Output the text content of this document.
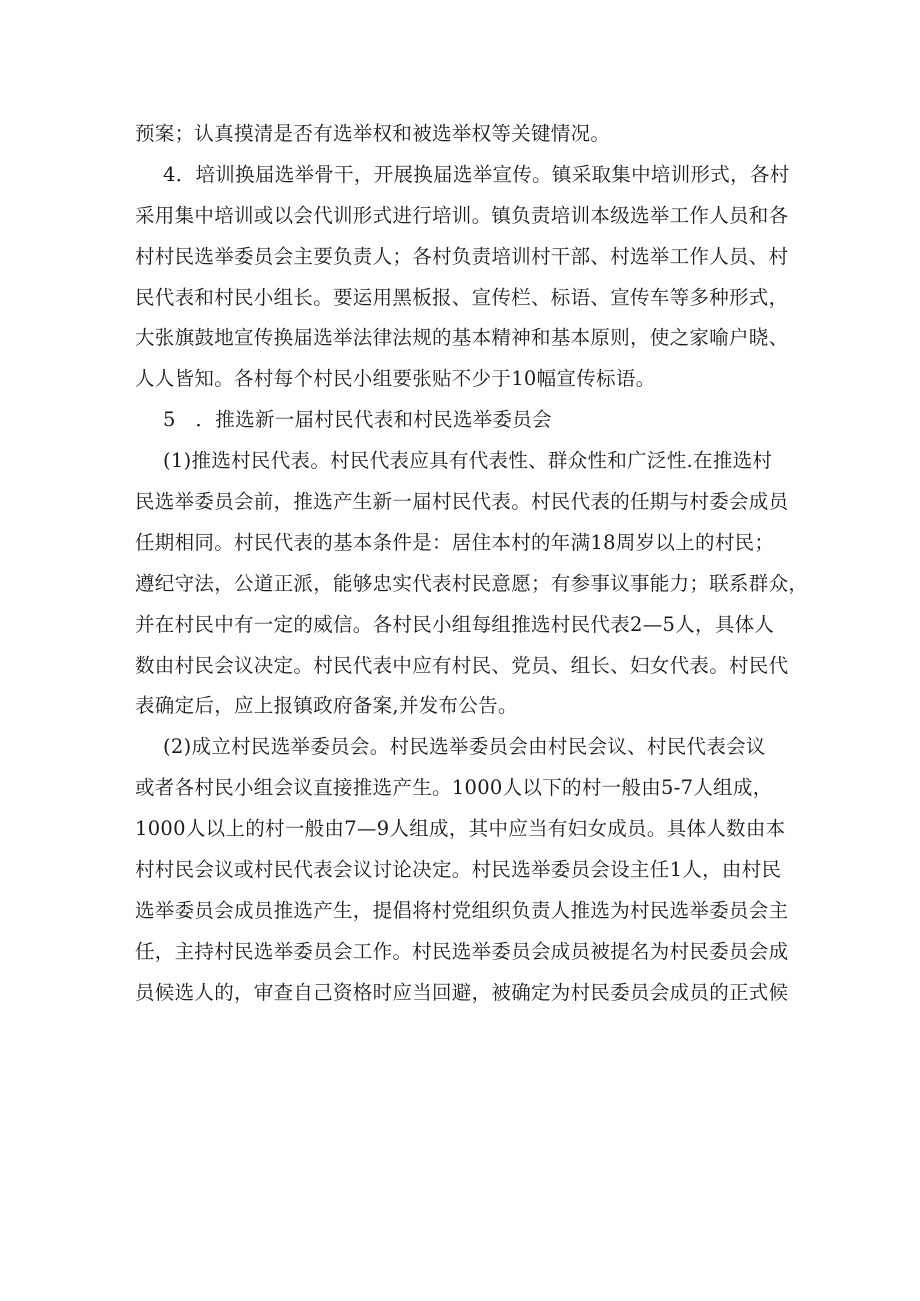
预案；认真摸清是否有选举权和被选举权等关键情况。
4．培训换届选举骨干，开展换届选举宣传。镇采取集中培训形式，各村
采用集中培训或以会代训形式进行培训。镇负责培训本级选举工作人员和各
村村民选举委员会主要负责人；各村负责培训村干部、村选举工作人员、村
民代表和村民小组长。要运用黑板报、宣传栏、标语、宣传车等多种形式，
大张旗鼓地宣传换届选举法律法规的基本精神和基本原则，使之家喻户晓、
人人皆知。各村每个村民小组要张贴不少于10幅宣传标语。
5　．推选新一届村民代表和村民选举委员会
(1)推选村民代表。村民代表应具有代表性、群众性和广泛性.在推选村
民选举委员会前，推选产生新一届村民代表。村民代表的任期与村委会成员
任期相同。村民代表的基本条件是：居住本村的年满18周岁以上的村民；
遵纪守法，公道正派，能够忠实代表村民意愿；有参事议事能力；联系群众，
并在村民中有一定的威信。各村民小组每组推选村民代表2—5人，具体人
数由村民会议决定。村民代表中应有村民、党员、组长、妇女代表。村民代
表确定后，应上报镇政府备案,并发布公告。
(2)成立村民选举委员会。村民选举委员会由村民会议、村民代表会议
或者各村民小组会议直接推选产生。1000人以下的村一般由5-7人组成，
1000人以上的村一般由7—9人组成，其中应当有妇女成员。具体人数由本
村村民会议或村民代表会议讨论决定。村民选举委员会设主任1人，由村民
选举委员会成员推选产生，提倡将村党组织负责人推选为村民选举委员会主
任，主持村民选举委员会工作。村民选举委员会成员被提名为村民委员会成
员候选人的，审查自己资格时应当回避，被确定为村民委员会成员的正式候
